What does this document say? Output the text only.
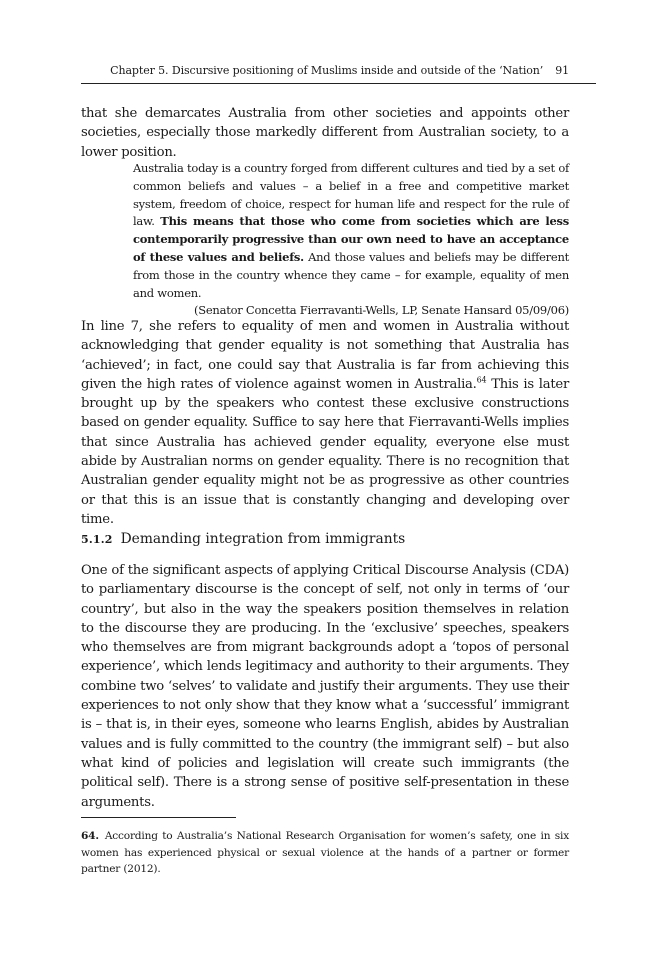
Chapter 5. Discursive positioning of Muslims inside and outside of the ‘Nation’ 91
that she demarcates Australia from other societies and appoints other societies, especially those markedly different from Australian society, to a lower position.
Australia today is a country forged from different cultures and tied by a set of common beliefs and values – a belief in a free and competitive market system, freedom of choice, respect for human life and respect for the rule of law. This means that those who come from societies which are less contemporarily progressive than our own need to have an acceptance of these values and beliefs. And those values and beliefs may be different from those in the country whence they came – for example, equality of men and women.
(Senator Concetta Fierravanti-Wells, LP, Senate Hansard 05/09/06)
In line 7, she refers to equality of men and women in Australia without acknowledging that gender equality is not something that Australia has ‘achieved’; in fact, one could say that Australia is far from achieving this given the high rates of violence against women in Australia.$^{64}$ This is later brought up by the speakers who contest these exclusive constructions based on gender equality. Suffice to say here that Fierravanti-Wells implies that since Australia has achieved gender equality, everyone else must abide by Australian norms on gender equality. There is no recognition that Australian gender equality might not be as progressive as other countries or that this is an issue that is constantly changing and developing over time.
5.1.2 Demanding integration from immigrants
One of the significant aspects of applying Critical Discourse Analysis (CDA) to parliamentary discourse is the concept of self, not only in terms of ‘our country’, but also in the way the speakers position themselves in relation to the discourse they are producing. In the ‘exclusive’ speeches, speakers who themselves are from migrant backgrounds adopt a ‘topos of personal experience’, which lends legitimacy and authority to their arguments. They combine two ‘selves’ to validate and justify their arguments. They use their experiences to not only show that they know what a ‘successful’ immigrant is – that is, in their eyes, someone who learns English, abides by Australian values and is fully committed to the country (the immigrant self) – but also what kind of policies and legislation will create such immigrants (the political self). There is a strong sense of positive self-presentation in these arguments.
64. According to Australia’s National Research Organisation for women’s safety, one in six women has experienced physical or sexual violence at the hands of a partner or former partner (2012).
